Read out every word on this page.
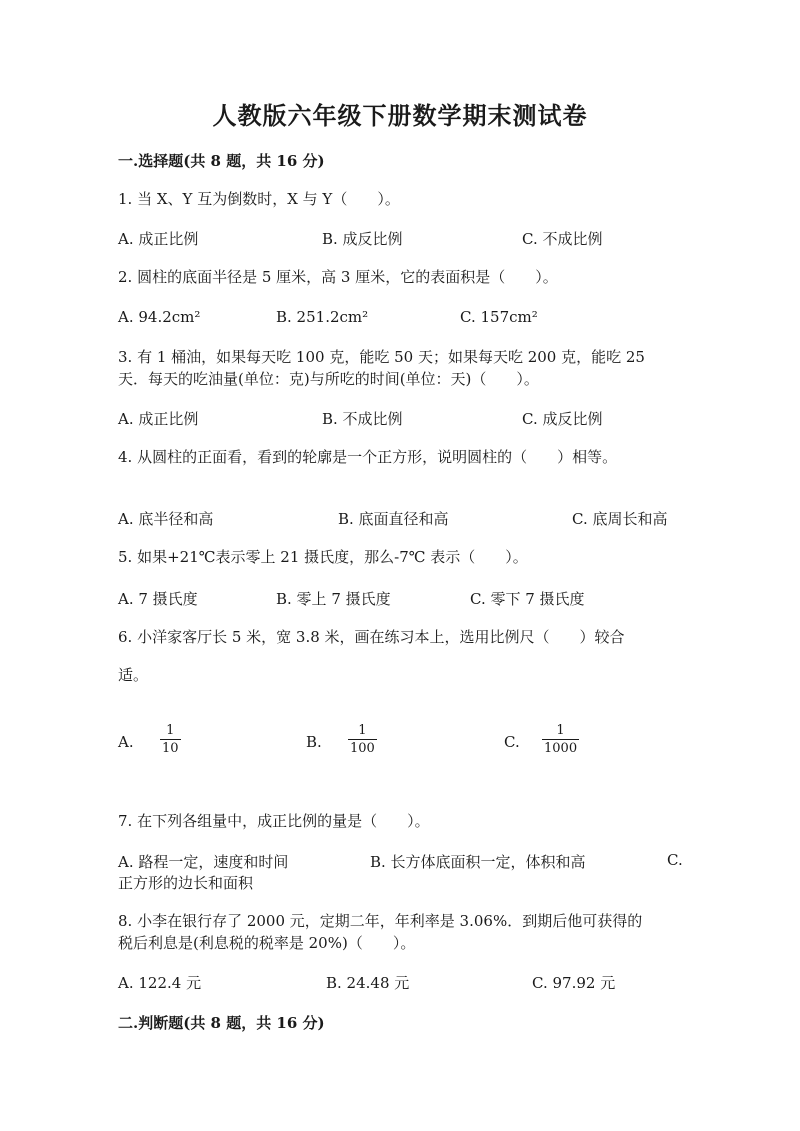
人教版六年级下册数学期末测试卷
一.选择题(共 8 题，共 16 分)
1. 当 X、Y 互为倒数时，X 与 Y（　　）。
A. 成正比例	B. 成反比例	C. 不成比例
2. 圆柱的底面半径是 5 厘米，高 3 厘米，它的表面积是（　　）。
A. 94.2cm²	B. 251.2cm²	C. 157cm²
3. 有 1 桶油，如果每天吃 100 克，能吃 50 天；如果每天吃 200 克，能吃 25
天．每天的吃油量(单位：克)与所吃的时间(单位：天)（　　）。
A. 成正比例	B. 不成比例	C. 成反比例
4. 从圆柱的正面看，看到的轮廓是一个正方形，说明圆柱的（　　）相等。
A. 底半径和高	B. 底面直径和高	C. 底周长和高
5. 如果+21℃表示零上 21 摄氏度，那么-7℃ 表示（　　）。
A. 7 摄氏度	B. 零上 7 摄氏度	C. 零下 7 摄氏度
6. 小洋家客厅长 5 米，宽 3.8 米，画在练习本上，选用比例尺（　　）较合
适。
A.
1
10	B.
1
100	C.
1
1000
7. 在下列各组量中，成正比例的量是（　　）。
A. 路程一定，速度和时间	B. 长方体底面积一定，体积和高	C.
正方形的边长和面积
8. 小李在银行存了 2000 元，定期二年，年利率是 3.06%．到期后他可获得的
税后利息是(利息税的税率是 20%)（　　）。
A. 122.4 元	B. 24.48 元	C. 97.92 元
二.判断题(共 8 题，共 16 分)
